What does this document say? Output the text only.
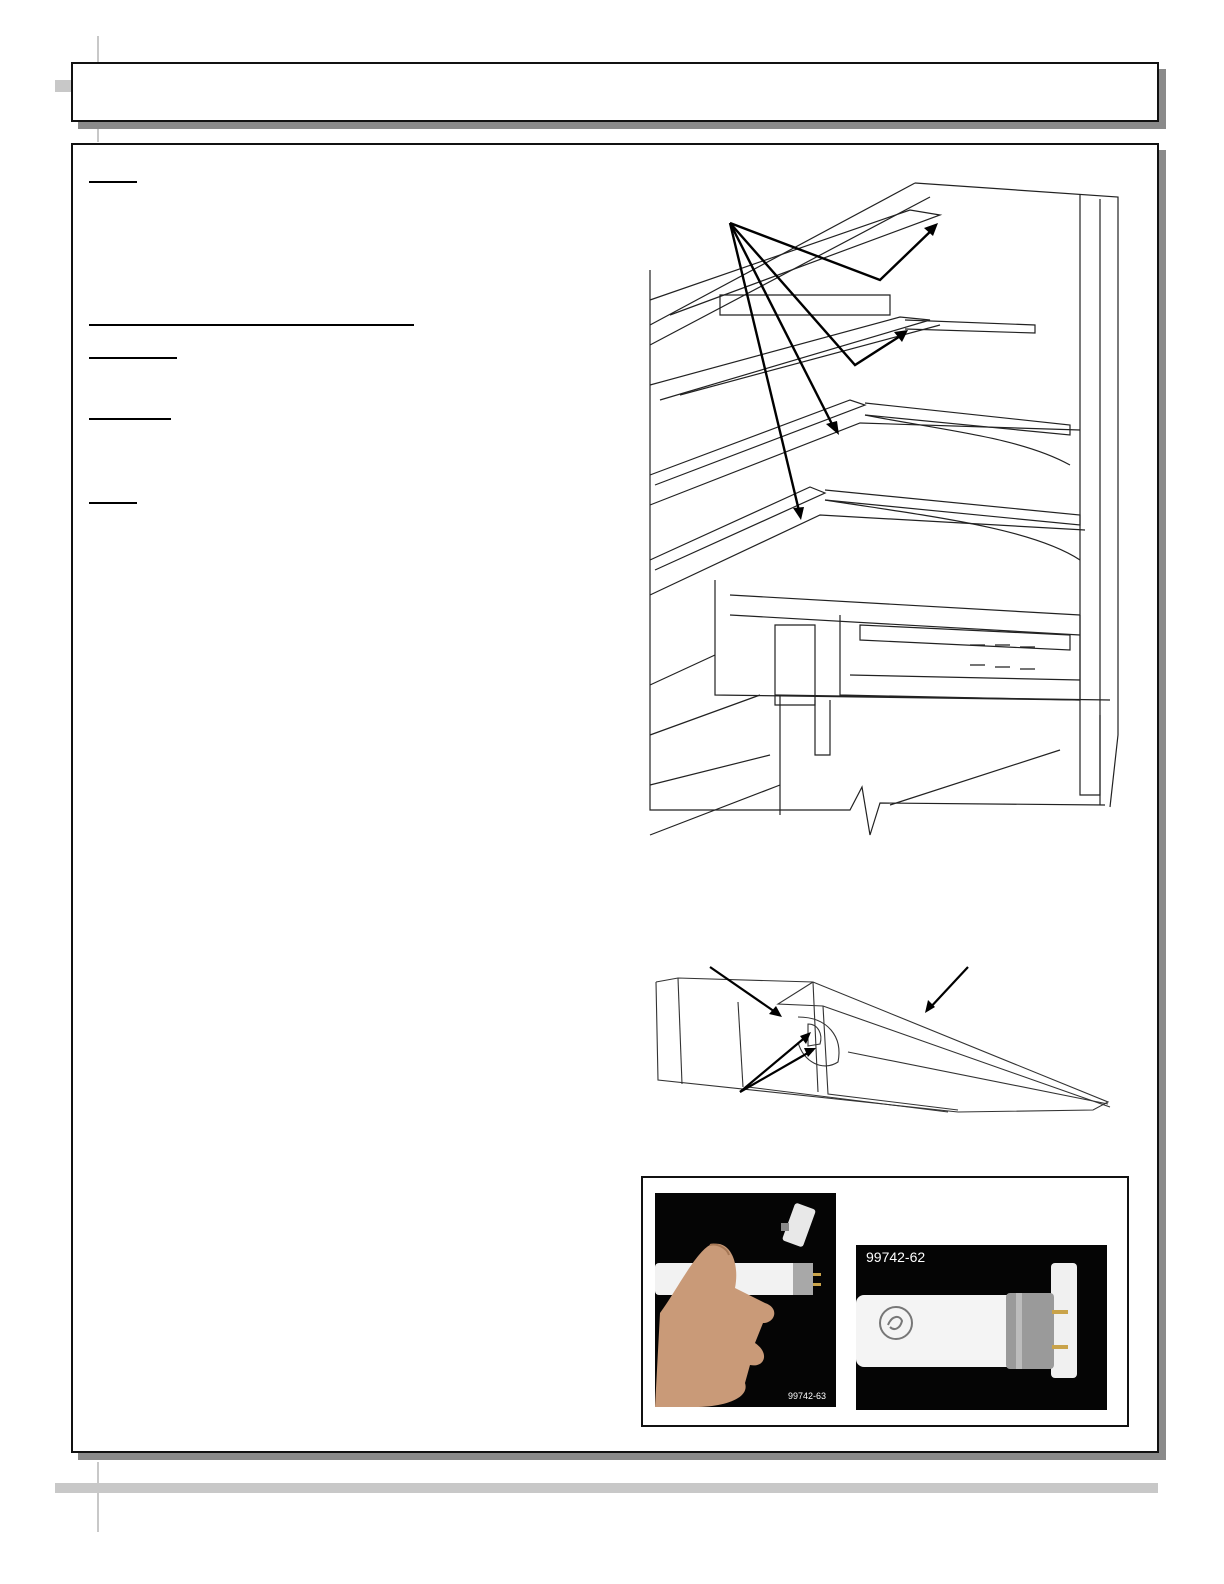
99742-63
99742-62
